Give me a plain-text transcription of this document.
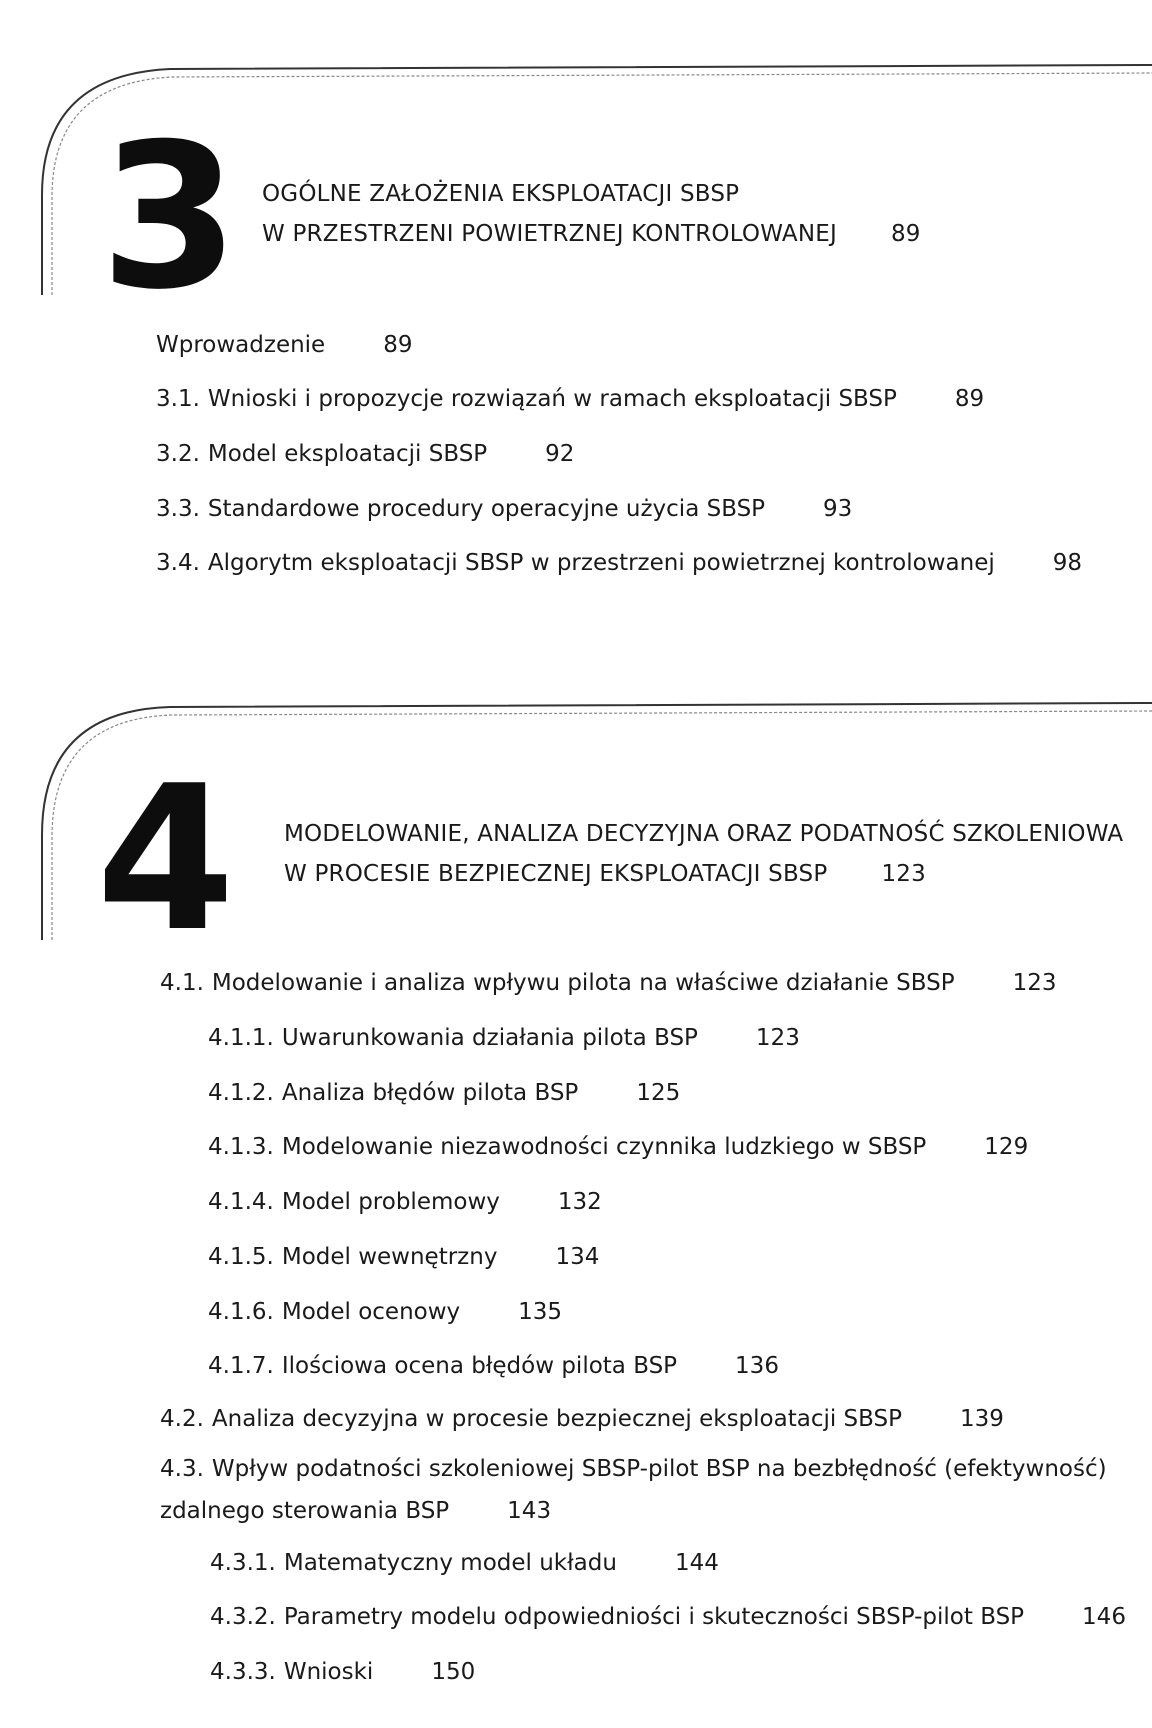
3 OGÓLNE ZAŁOŻENIA EKSPLOATACJI SBSP
W PRZESTRZENI POWIETRZNEJ KONTROLOWANEJ 89
Wprowadzenie	89
3.1. Wnioski i propozycje rozwiązań w ramach eksploatacji SBSP	89
3.2. Model eksploatacji SBSP	92
3.3. Standardowe procedury operacyjne użycia SBSP	93
3.4. Algorytm eksploatacji SBSP w przestrzeni powietrznej kontrolowanej	98
4 MODELOWANIE, ANALIZA DECYZYJNA ORAZ PODATNOŚĆ SZKOLENIOWA
W PROCESIE BEZPIECZNEJ EKSPLOATACJI SBSP 123
4.1. Modelowanie i analiza wpływu pilota na właściwe działanie SBSP	123
4.1.1. Uwarunkowania działania pilota BSP	123
4.1.2. Analiza błędów pilota BSP	125
4.1.3. Modelowanie niezawodności czynnika ludzkiego w SBSP	129
4.1.4. Model problemowy	132
4.1.5. Model wewnętrzny	134
4.1.6. Model ocenowy	135
4.1.7. Ilościowa ocena błędów pilota BSP	136
4.2. Analiza decyzyjna w procesie bezpiecznej eksploatacji SBSP	139
4.3. Wpływ podatności szkoleniowej SBSP-pilot BSP na bezbłędność (efektywność) zdalnego sterowania BSP	143
4.3.1. Matematyczny model układu	144
4.3.2. Parametry modelu odpowiedniości i skuteczności SBSP-pilot BSP	146
4.3.3. Wnioski	150
